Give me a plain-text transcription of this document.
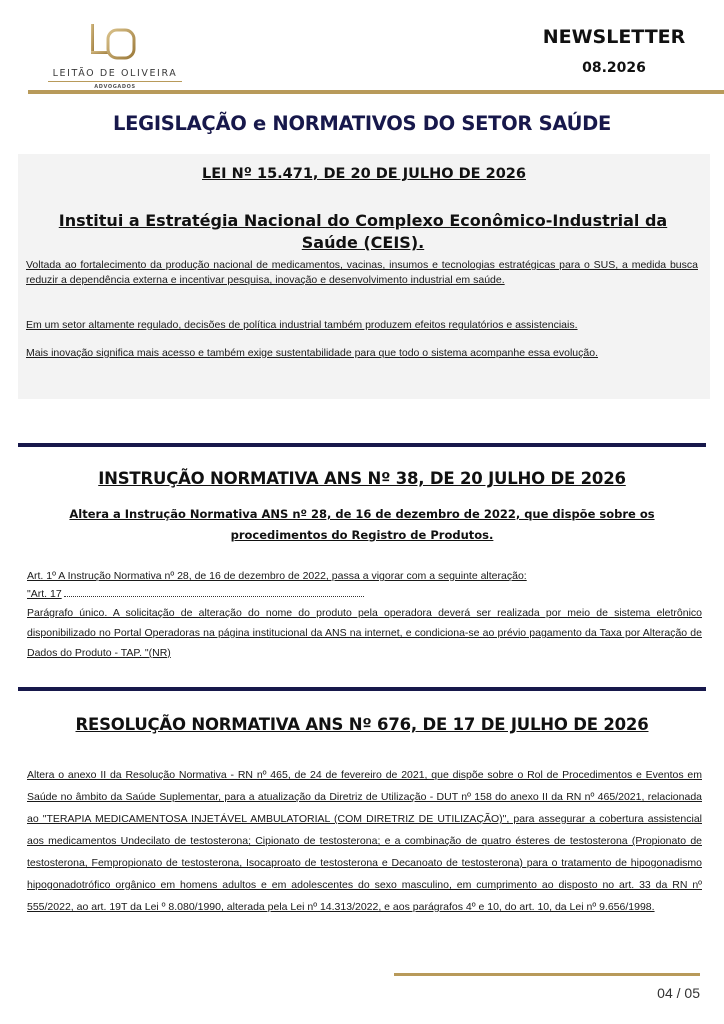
LEITÃO DE OLIVEIRA
ADVOGADOS
NEWSLETTER
08.2026
LEGISLAÇÃO e NORMATIVOS DO SETOR SAÚDE
LEI Nº 15.471, DE 20 DE JULHO DE 2026
Institui a Estratégia Nacional do Complexo Econômico-Industrial da Saúde (CEIS).
Voltada ao fortalecimento da produção nacional de medicamentos, vacinas, insumos e tecnologias estratégicas para o SUS, a medida busca reduzir a dependência externa e incentivar pesquisa, inovação e desenvolvimento industrial em saúde.
Em um setor altamente regulado, decisões de política industrial também produzem efeitos regulatórios e assistenciais.
Mais inovação significa mais acesso e também exige sustentabilidade para que todo o sistema acompanhe essa evolução.
INSTRUÇÃO NORMATIVA ANS Nº 38, DE 20 JULHO DE 2026
Altera a Instrução Normativa ANS nº 28, de 16 de dezembro de 2022, que dispõe sobre os procedimentos do Registro de Produtos.
Art. 1º A Instrução Normativa nº 28, de 16 de dezembro de 2022, passa a vigorar com a seguinte alteração:
"Art. 17
Parágrafo único. A solicitação de alteração do nome do produto pela operadora deverá ser realizada por meio de sistema eletrônico disponibilizado no Portal Operadoras na página institucional da ANS na internet, e condiciona-se ao prévio pagamento da Taxa por Alteração de Dados do Produto - TAP. "(NR)
RESOLUÇÃO NORMATIVA ANS Nº 676, DE 17 DE JULHO DE 2026
Altera o anexo II da Resolução Normativa - RN nº 465, de 24 de fevereiro de 2021, que dispõe sobre o Rol de Procedimentos e Eventos em Saúde no âmbito da Saúde Suplementar, para a atualização da Diretriz de Utilização - DUT nº 158 do anexo II da RN nº 465/2021, relacionada ao "TERAPIA MEDICAMENTOSA INJETÁVEL AMBULATORIAL (COM DIRETRIZ DE UTILIZAÇÃO)", para assegurar a cobertura assistencial aos medicamentos Undecilato de testosterona; Cipionato de testosterona; e a combinação de quatro ésteres de testosterona (Propionato de testosterona, Fempropionato de testosterona, Isocaproato de testosterona e Decanoato de testosterona) para o tratamento de hipogonadismo hipogonadotrófico orgânico em homens adultos e em adolescentes do sexo masculino, em cumprimento ao disposto no art. 33 da RN nº 555/2022, ao art. 19T da Lei º 8.080/1990, alterada pela Lei nº 14.313/2022, e aos parágrafos 4º e 10, do art. 10, da Lei nº 9.656/1998.
04 / 05
